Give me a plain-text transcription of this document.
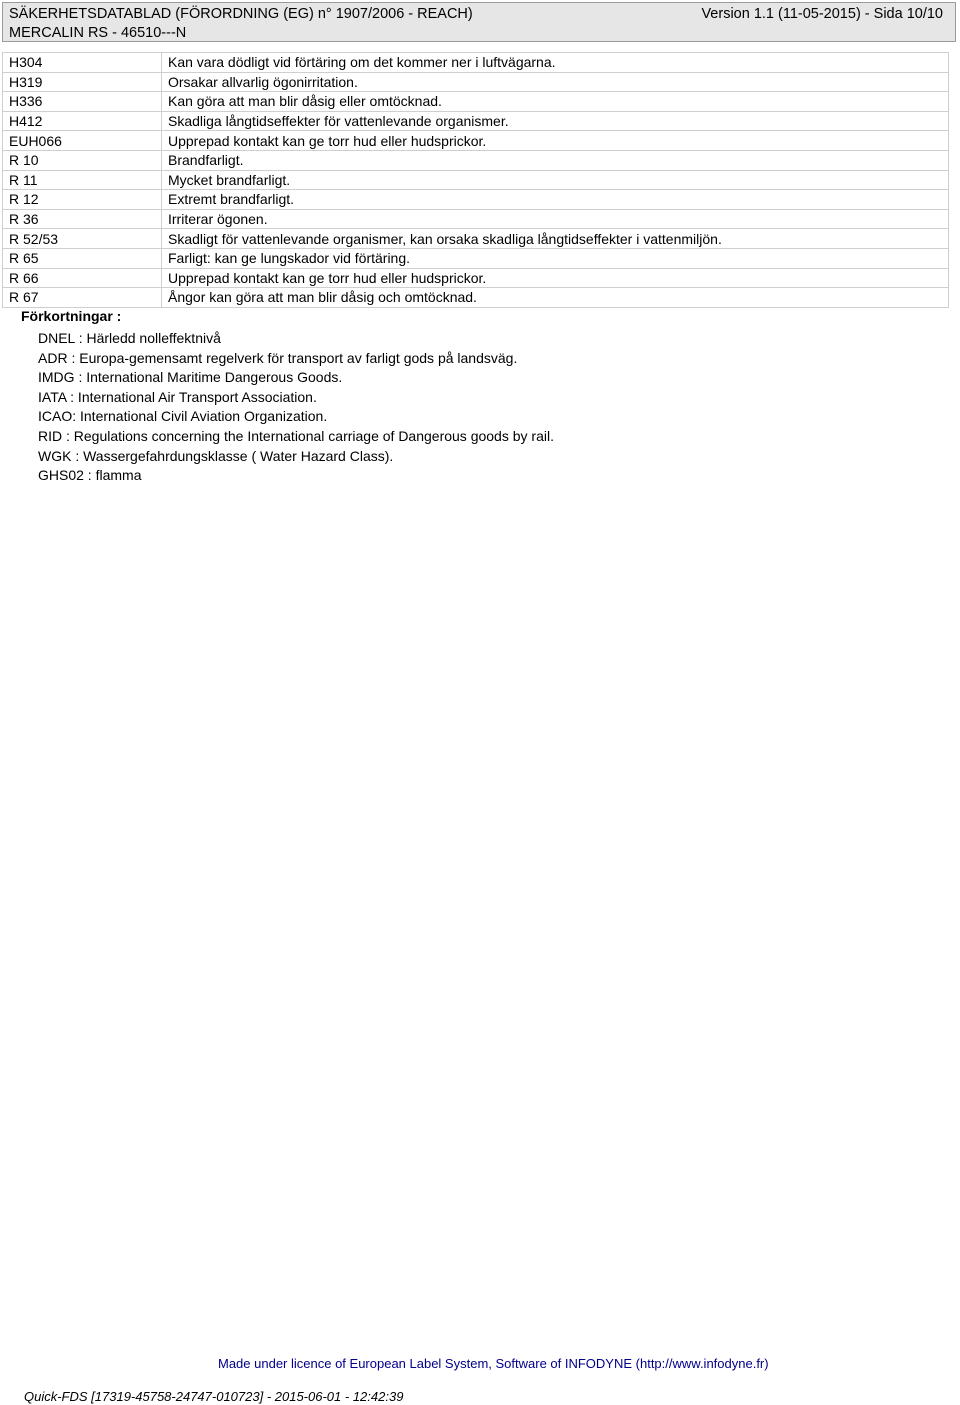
SÄKERHETSDATABLAD (FÖRORDNING (EG) n° 1907/2006 - REACH)	Version 1.1 (11-05-2015) - Sida 10/10
MERCALIN RS - 46510---N
H304	Kan vara dödligt vid förtäring om det kommer ner i luftvägarna.
H319	Orsakar allvarlig ögonirritation.
H336	Kan göra att man blir dåsig eller omtöcknad.
H412	Skadliga långtidseffekter för vattenlevande organismer.
EUH066	Upprepad kontakt kan ge torr hud eller hudsprickor.
R 10	Brandfarligt.
R 11	Mycket brandfarligt.
R 12	Extremt brandfarligt.
R 36	Irriterar ögonen.
R 52/53	Skadligt för vattenlevande organismer, kan orsaka skadliga långtidseffekter i vattenmiljön.
R 65	Farligt: kan ge lungskador vid förtäring.
R 66	Upprepad kontakt kan ge torr hud eller hudsprickor.
R 67	Ångor kan göra att man blir dåsig och omtöcknad.
Förkortningar :
DNEL : Härledd nolleffektnivå
ADR : Europa-gemensamt regelverk för transport av farligt gods på landsväg.
IMDG : International Maritime Dangerous Goods.
IATA : International Air Transport Association.
ICAO: International Civil Aviation Organization.
RID : Regulations concerning the International carriage of Dangerous goods by rail.
WGK : Wassergefahrdungsklasse ( Water Hazard Class).
GHS02 : flamma
Made under licence of European Label System, Software of INFODYNE (http://www.infodyne.fr)
Quick-FDS [17319-45758-24747-010723] - 2015-06-01 - 12:42:39
